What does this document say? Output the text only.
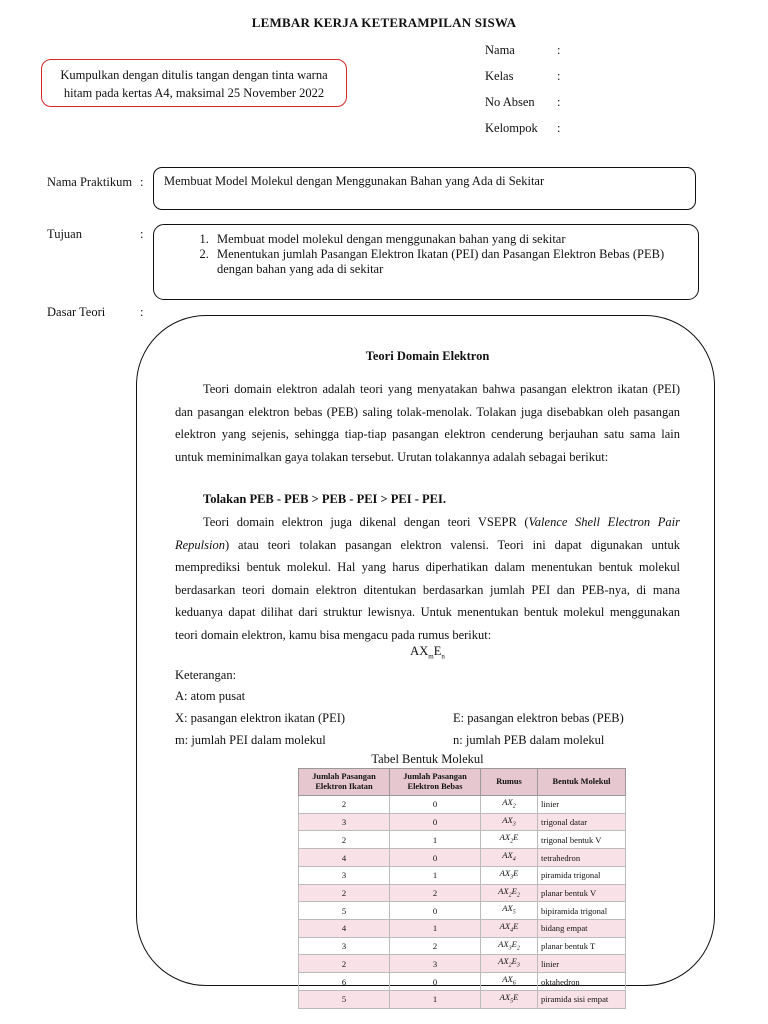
LEMBAR KERJA KETERAMPILAN SISWA
Kumpulkan dengan ditulis tangan dengan tinta warna
hitam pada kertas A4, maksimal 25 November 2022
Nama	:
Kelas	:
No Absen :
Kelompok :
Nama Praktikum :	Membuat Model Molekul dengan Menggunakan Bahan yang Ada di Sekitar
Tujuan	:	1. Membuat model molekul dengan menggunakan bahan yang di sekitar
2. Menentukan jumlah Pasangan Elektron Ikatan (PEI) dan Pasangan Elektron Bebas (PEB) dengan bahan yang ada di sekitar
Dasar Teori	:
Teori Domain Elektron

Teori domain elektron adalah teori yang menyatakan bahwa pasangan elektron ikatan (PEI) dan pasangan elektron bebas (PEB) saling tolak-menolak. Tolakan juga disebabkan oleh pasangan elektron yang sejenis, sehingga tiap-tiap pasangan elektron cenderung berjauhan satu sama lain untuk meminimalkan gaya tolakan tersebut. Urutan tolakannya adalah sebagai berikut:

Tolakan PEB - PEB > PEB - PEI > PEI - PEI.

Teori domain elektron juga dikenal dengan teori VSEPR (Valence Shell Electron Pair Repulsion) atau teori tolakan pasangan elektron valensi. Teori ini dapat digunakan untuk memprediksi bentuk molekul. Hal yang harus diperhatikan dalam menentukan bentuk molekul berdasarkan teori domain elektron ditentukan berdasarkan jumlah PEI dan PEB-nya, di mana keduanya dapat dilihat dari struktur lewisnya. Untuk menentukan bentuk molekul menggunakan teori domain elektron, kamu bisa mengacu pada rumus berikut:

$AX_mE_n$
Keterangan:
A: atom pusat
X: pasangan elektron ikatan (PEI)	E: pasangan elektron bebas (PEB)
m: jumlah PEI dalam molekul	n: jumlah PEB dalam molekul
Tabel Bentuk Molekul
Jumlah Pasangan Elektron Ikatan	Jumlah Pasangan Elektron Bebas	Rumus	Bentuk Molekul
2	0	$AX_2$	linier
3	0	$AX_3$	trigonal datar
2	1	$AX_2E$	trigonal bentuk V
4	0	$AX_4$	tetrahedron
3	1	$AX_3E$	piramida trigonal
2	2	$AX_2E_2$	planar bentuk V
5	0	$AX_5$	bipiramida trigonal
4	1	$AX_4E$	bidang empat
3	2	$AX_3E_2$	planar bentuk T
2	3	$AX_2E_3$	linier
6	0	$AX_6$	oktahedron
5	1	$AX_5E$	piramida sisi empat
